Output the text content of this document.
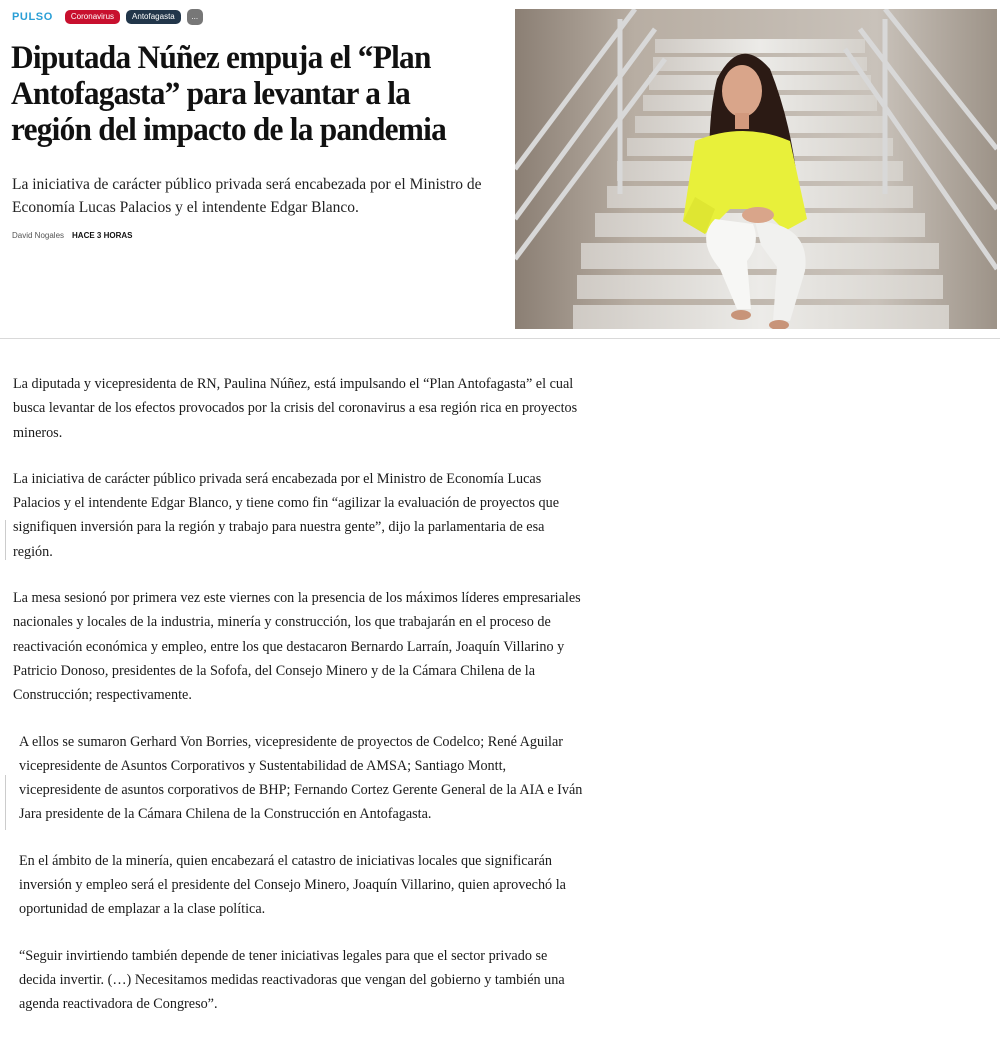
PULSO	Coronavirus	Antofagasta	...
Diputada Núñez empuja el “Plan Antofagasta” para levantar a la región del impacto de la pandemia

La iniciativa de carácter público privada será encabezada por el Ministro de Economía Lucas Palacios y el intendente Edgar Blanco.

David Nogales HACE 3 HORAS

La diputada y vicepresidenta de RN, Paulina Núñez, está impulsando el “Plan Antofagasta” el cual busca levantar de los efectos provocados por la crisis del coronavirus a esa región rica en proyectos mineros.

La iniciativa de carácter público privada será encabezada por el Ministro de Economía Lucas Palacios y el intendente Edgar Blanco, y tiene como fin “agilizar la evaluación de proyectos que signifiquen inversión para la región y trabajo para nuestra gente”, dijo la parlamentaria de esa región.

La mesa sesionó por primera vez este viernes con la presencia de los máximos líderes empresariales nacionales y locales de la industria, minería y construcción, los que trabajarán en el proceso de reactivación económica y empleo, entre los que destacaron Bernardo Larraín, Joaquín Villarino y Patricio Donoso, presidentes de la Sofofa, del Consejo Minero y de la Cámara Chilena de la Construcción; respectivamente.

A ellos se sumaron Gerhard Von Borries, vicepresidente de proyectos de Codelco; René Aguilar vicepresidente de Asuntos Corporativos y Sustentabilidad de AMSA; Santiago Montt, vicepresidente de asuntos corporativos de BHP; Fernando Cortez Gerente General de la AIA e Iván Jara presidente de la Cámara Chilena de la Construcción en Antofagasta.

En el ámbito de la minería, quien encabezará el catastro de iniciativas locales que significarán inversión y empleo será el presidente del Consejo Minero, Joaquín Villarino, quien aprovechó la oportunidad de emplazar a la clase política.

“Seguir invirtiendo también depende de tener iniciativas legales para que el sector privado se decida invertir. (…) Necesitamos medidas reactivadoras que vengan del gobierno y también una agenda reactivadora de Congreso”.
